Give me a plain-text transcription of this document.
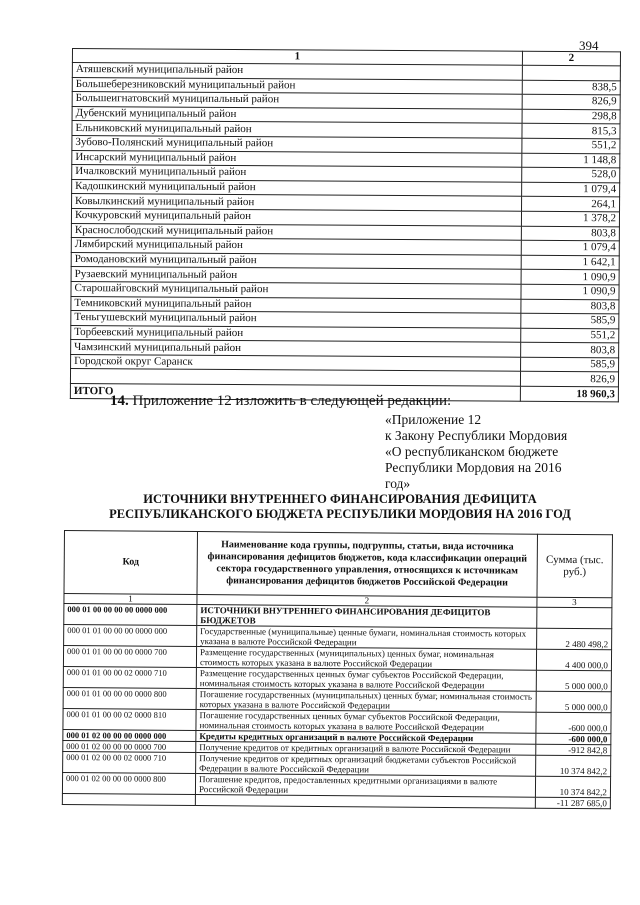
394
1	2
Атяшевский муниципальный район	
Большеберезниковский муниципальный район	838,5
Большеигнатовский муниципальный район	826,9
Дубенский муниципальный район	298,8
Ельниковский муниципальный район	815,3
Зубово-Полянский муниципальный район	551,2
Инсарский муниципальный район	1 148,8
Ичалковский муниципальный район	528,0
Кадошкинский муниципальный район	1 079,4
Ковылкинский муниципальный район	264,1
Кочкуровский муниципальный район	1 378,2
Краснослободский муниципальный район	803,8
Лямбирский муниципальный район	1 079,4
Ромодановский муниципальный район	1 642,1
Рузаевский муниципальный район	1 090,9
Старошайговский муниципальный район	1 090,9
Темниковский муниципальный район	803,8
Теньгушевский муниципальный район	585,9
Торбеевский муниципальный район	551,2
Чамзинский муниципальный район	803,8
Городской округ Саранск	585,9
	826,9
ИТОГО	18 960,3
14. Приложение 12 изложить в следующей редакции:
«Приложение 12
к Закону Республики Мордовия
«О республиканском бюджете
Республики Мордовия на 2016
год»
ИСТОЧНИКИ ВНУТРЕННЕГО ФИНАНСИРОВАНИЯ ДЕФИЦИТА
РЕСПУБЛИКАНСКОГО БЮДЖЕТА РЕСПУБЛИКИ МОРДОВИЯ НА 2016 ГОД
Код	Наименование кода группы, подгруппы, статьи, вида источника финансирования дефицитов бюджетов, кода классификации операций сектора государственного управления, относящихся к источникам финансирования дефицитов бюджетов Российской Федерации	Сумма (тыс. руб.)
1	2	3
000 01 00 00 00 00 0000 000	ИСТОЧНИКИ ВНУТРЕННЕГО ФИНАНСИРОВАНИЯ ДЕФИЦИТОВ БЮДЖЕТОВ	
000 01 01 00 00 00 0000 000	Государственные (муниципальные) ценные бумаги, номинальная стоимость которых указана в валюте Российской Федерации	2 480 498,2
000 01 01 00 00 00 0000 700	Размещение государственных (муниципальных) ценных бумаг, номинальная стоимость которых указана в валюте Российской Федерации	4 400 000,0
000 01 01 00 00 02 0000 710	Размещение государственных ценных бумаг субъектов Российской Федерации, номинальная стоимость которых указана в валюте Российской Федерации	5 000 000,0
000 01 01 00 00 00 0000 800	Погашение государственных (муниципальных) ценных бумаг, номинальная стоимость которых указана в валюте Российской Федерации	5 000 000,0
000 01 01 00 00 02 0000 810	Погашение государственных ценных бумаг субъектов Российской Федерации, номинальная стоимость которых указана в валюте Российской Федерации	-600 000,0
000 01 02 00 00 00 0000 000	Кредиты кредитных организаций в валюте Российской Федерации	-600 000,0
000 01 02 00 00 00 0000 700	Получение кредитов от кредитных организаций в валюте Российской Федерации	-912 842,8
000 01 02 00 00 02 0000 710	Получение кредитов от кредитных организаций бюджетами субъектов Российской Федерации в валюте Российской Федерации	10 374 842,2
000 01 02 00 00 00 0000 800	Погашение кредитов, предоставленных кредитными организациями в валюте Российской Федерации	10 374 842,2
		-11 287 685,0
